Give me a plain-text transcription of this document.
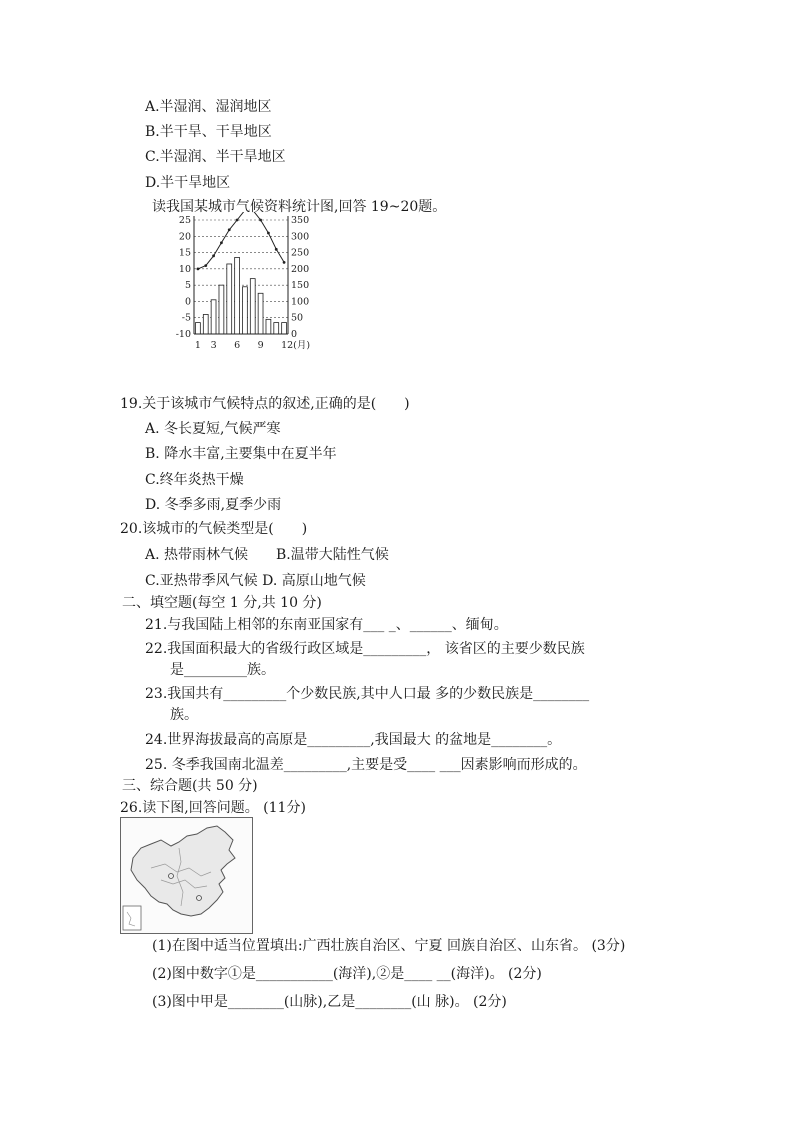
A.半湿润、湿润地区
B.半干旱、干旱地区
C.半湿润、半干旱地区
D.半干旱地区
读我国某城市气候资料统计图,回答 19~20题。
25
20
15
10
5
0
-5
-10
350
300
250
200
150
100
50
0
1 3 6 9 12(月)
19.关于该城市气候特点的叙述,正确的是(　　)
A. 冬长夏短,气候严寒
B. 降水丰富,主要集中在夏半年
C.终年炎热干燥
D. 冬季多雨,夏季少雨
20.该城市的气候类型是(　　)
A. 热带雨林气候　　B.温带大陆性气候
C.亚热带季风气候 D. 高原山地气候
二、填空题(每空 1 分,共 10 分)
21.与我国陆上相邻的东南亚国家有___ _、______、缅甸。
22.我国面积最大的省级行政区域是_________， 该省区的主要少数民族
是_________族。
23.我国共有_________个少数民族,其中人口最 多的少数民族是________
族。
24.世界海拔最高的高原是_________,我国最大 的盆地是________。
25. 冬季我国南北温差_________,主要是受____ ___因素影响而形成的。
三、综合题(共 50 分)
26.读下图,回答问题。 (11分)
(1)在图中适当位置填出:广西壮族自治区、宁夏 回族自治区、山东省。 (3分)
(2)图中数字①是___________(海洋),②是____ __(海洋)。 (2分)
(3)图中甲是________(山脉),乙是________(山 脉)。 (2分)
